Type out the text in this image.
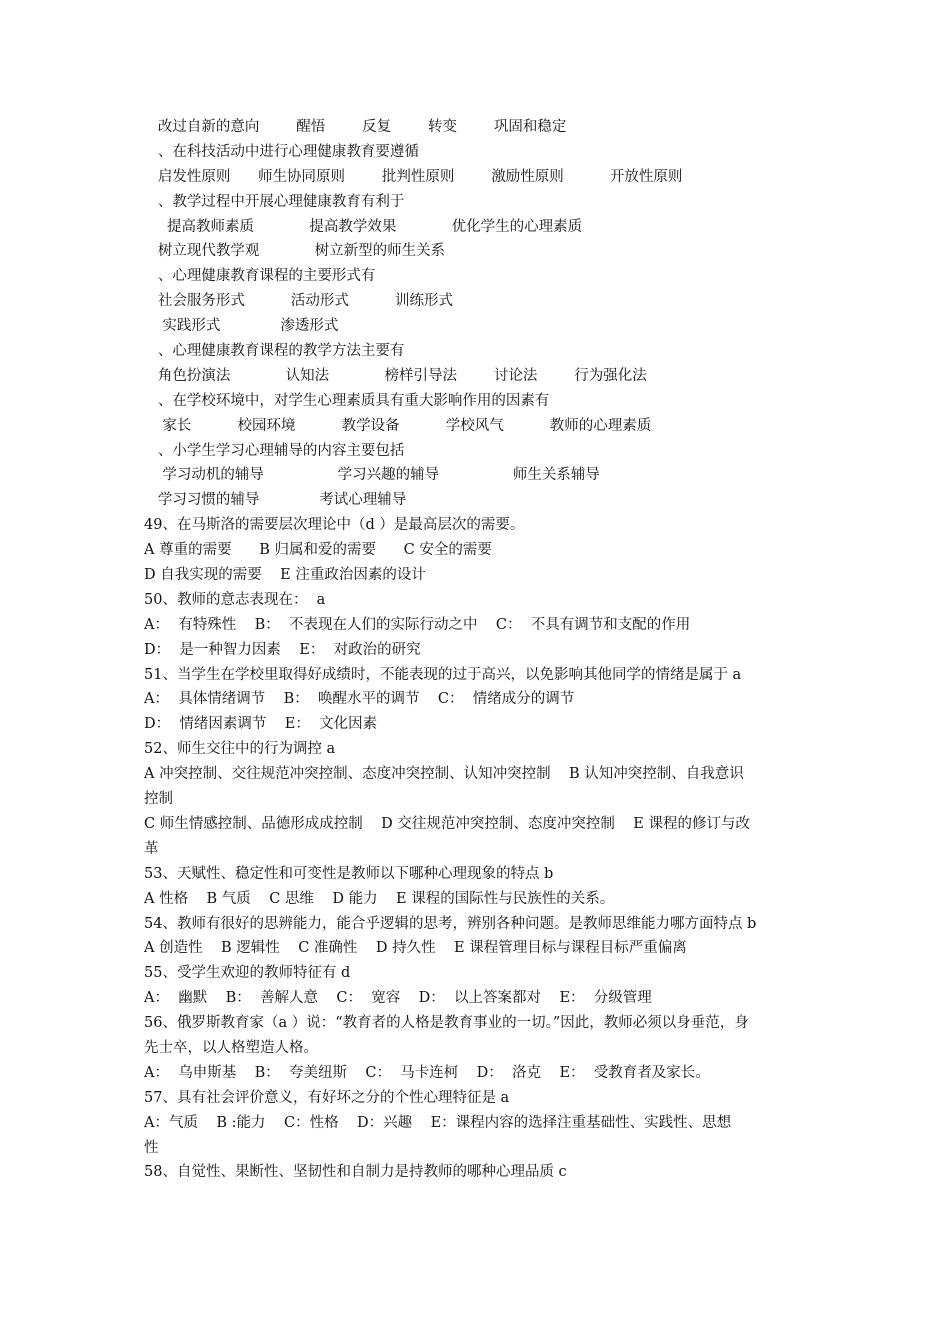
改过自新的意向        醒悟        反复        转变        巩固和稳定
、在科技活动中进行心理健康教育要遵循
启发性原则      师生协同原则        批判性原则        激励性原则          开放性原则
、教学过程中开展心理健康教育有利于
提高教师素质            提高教学效果            优化学生的心理素质
树立现代教学观            树立新型的师生关系
、心理健康教育课程的主要形式有
社会服务形式          活动形式          训练形式
实践形式             渗透形式
、心理健康教育课程的教学方法主要有
角色扮演法            认知法            榜样引导法        讨论法        行为强化法
、在学校环境中，对学生心理素质具有重大影响作用的因素有
家长          校园环境          教学设备          学校风气          教师的心理素质
、小学生学习心理辅导的内容主要包括
学习动机的辅导                学习兴趣的辅导                师生关系辅导
学习习惯的辅导             考试心理辅导
49、在马斯洛的需要层次理论中（d ）是最高层次的需要。
A 尊重的需要      B 归属和爱的需要      C 安全的需要
D 自我实现的需要    E 注重政治因素的设计
50、教师的意志表现在：  a
A：  有特殊性    B：  不表现在人们的实际行动之中    C：  不具有调节和支配的作用
D：  是一种智力因素    E：  对政治的研究
51、当学生在学校里取得好成绩时，不能表现的过于高兴，以免影响其他同学的情绪是属于 a
A：  具体情绪调节    B：  唤醒水平的调节    C：  情绪成分的调节
D：  情绪因素调节    E：  文化因素
52、师生交往中的行为调控 a
A 冲突控制、交往规范冲突控制、态度冲突控制、认知冲突控制    B 认知冲突控制、自我意识
控制
C 师生情感控制、品德形成成控制    D 交往规范冲突控制、态度冲突控制    E 课程的修订与改
革
53、天赋性、稳定性和可变性是教师以下哪种心理现象的特点 b
A 性格    B 气质    C 思维    D 能力    E 课程的国际性与民族性的关系。
54、教师有很好的思辨能力，能合乎逻辑的思考，辨别各种问题。是教师思维能力哪方面特点 b
A 创造性    B 逻辑性    C 准确性    D 持久性    E 课程管理目标与课程目标严重偏离
55、受学生欢迎的教师特征有 d
A：  幽默    B：  善解人意    C：  宽容    D：  以上答案都对    E：  分级管理
56、俄罗斯教育家（a ）说：“教育者的人格是教育事业的一切。”因此，教师必须以身垂范，身
先士卒，以人格塑造人格。
A：  乌申斯基    B：  夸美纽斯    C：  马卡连柯    D：  洛克    E：  受教育者及家长。
57、具有社会评价意义，有好坏之分的个性心理特征是 a
A：气质    B :能力    C：性格    D：兴趣    E：课程内容的选择注重基础性、实践性、思想
性
58、自觉性、果断性、坚韧性和自制力是持教师的哪种心理品质 c
